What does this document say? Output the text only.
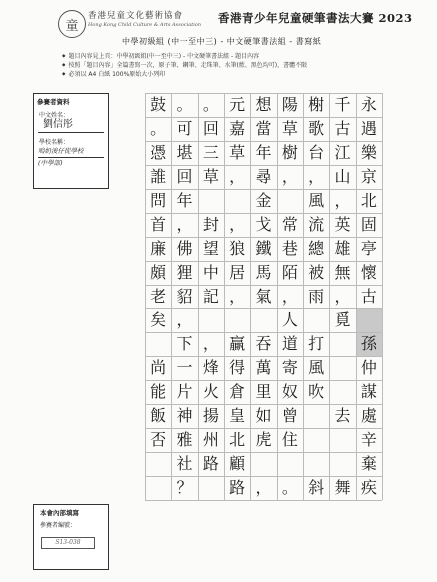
童
香港兒童文化藝術協會
Hong Kong Child Culture & Arts Association 香港青少年兒童硬筆書法大賽 2023
中學初級組 (中一至中三) - 中文硬筆書法組 - 書寫紙
◆ 題目內容見上頁：中學初級組(中一至中三) - 中文硬筆書法組 - 題目內容
◆ 按照「題目內容」全篇書寫一次，原子筆、鋼筆、走珠筆、水筆(藍、黑色均可)，書體不限
◆ 必須以 A4 白紙 100%原始大小列印
參賽者資料
中文姓名：
劉信彤
學校名稱：
嗚奶浚仔從學校
(中學部)
本會內部填寫
參賽者編號：
S13-038
永
遇
樂
京
北
固
亭
懷
古
孫
仲
謀
處
辛
棄
疾
千
古
江
山
，
英
雄
無
，
覓
去
舞
榭
歌
台
，
風
流
總
被
雨
打
風
吹
斜
陽
草
樹
，
常
巷
陌
，
人
道
寄
奴
曾
住
。
想
當
年
尋
金
戈
鐵
馬
氣
吞
萬
里
如
虎
，
元
嘉
草
，
，
狼
居
，
贏
得
倉
皇
北
顧
路
。
回
三
草
封
望
中
記
，
烽
火
揚
州
路
。
可
堪
回
年
，
佛
狸
貂
，
下
一
片
神
雅
社
？
鼓
。
憑
誰
問
首
廉
頗
老
矣
尚
能
飯
否
